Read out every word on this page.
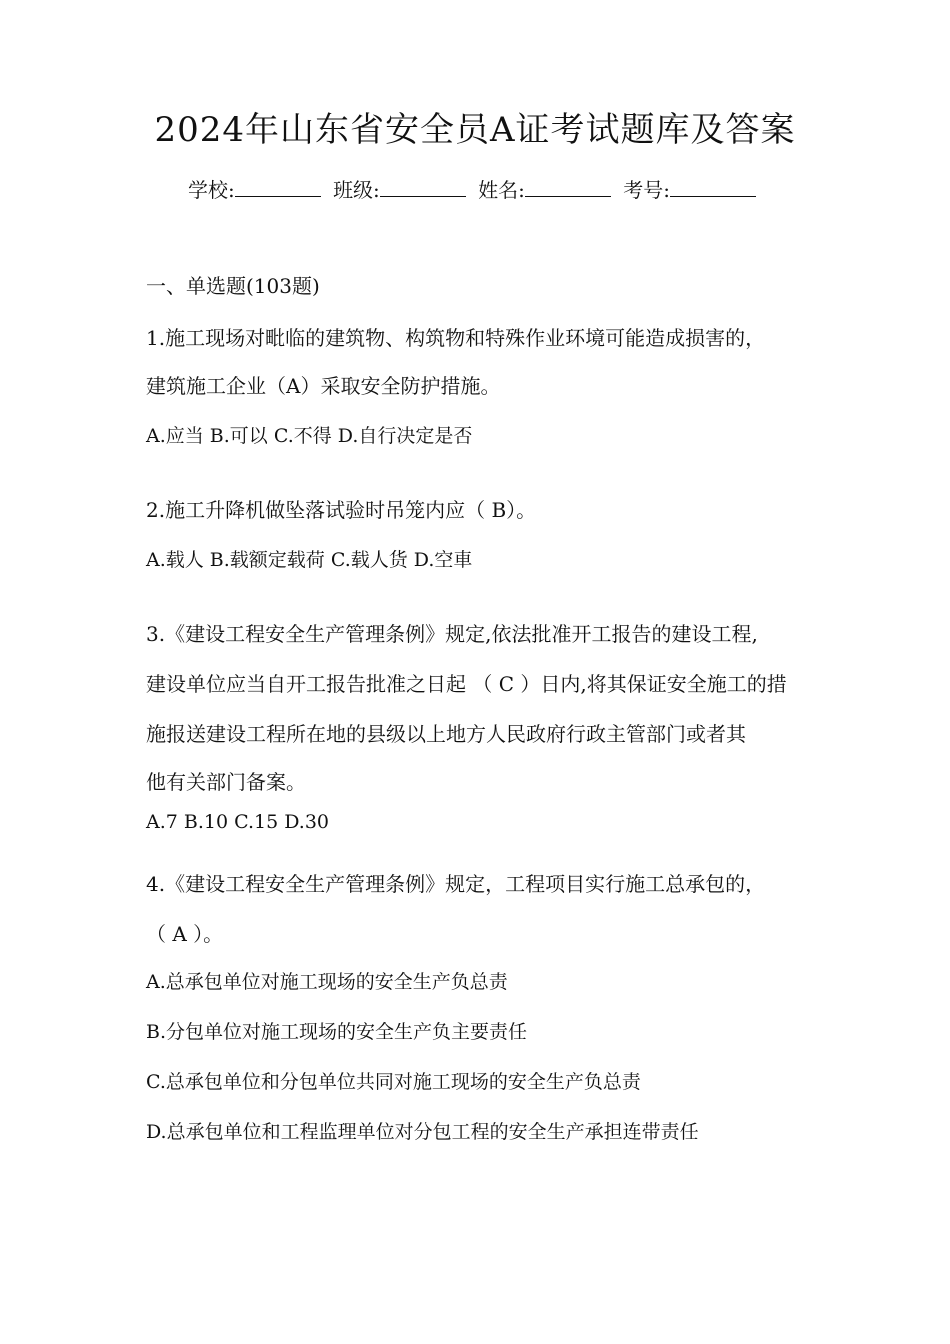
2024年山东省安全员A证考试题库及答案
学校:	班级:	姓名:	考号:
一、单选题(103题)
1.施工现场对毗临的建筑物、构筑物和特殊作业环境可能造成损害的，
建筑施工企业（A）采取安全防护措施。
A.应当 B.可以 C.不得 D.自行决定是否
2.施工升降机做坠落试验时吊笼内应（ B）。
A.载人 B.载额定载荷 C.载人货 D.空車
3.《建设工程安全生产管理条例》规定,依法批准开工报告的建设工程,
建设单位应当自开工报告批准之日起 （ C ）日内,将其保证安全施工的措
施报送建设工程所在地的县级以上地方人民政府行政主管部门或者其
他有关部门备案。
A.7 B.10 C.15 D.30
4.《建设工程安全生产管理条例》规定，工程项目实行施工总承包的，
（ A ）。
A.总承包单位对施工现场的安全生产负总责
B.分包单位对施工现场的安全生产负主要责任
C.总承包单位和分包单位共同对施工现场的安全生产负总责
D.总承包单位和工程监理单位对分包工程的安全生产承担连带责任
